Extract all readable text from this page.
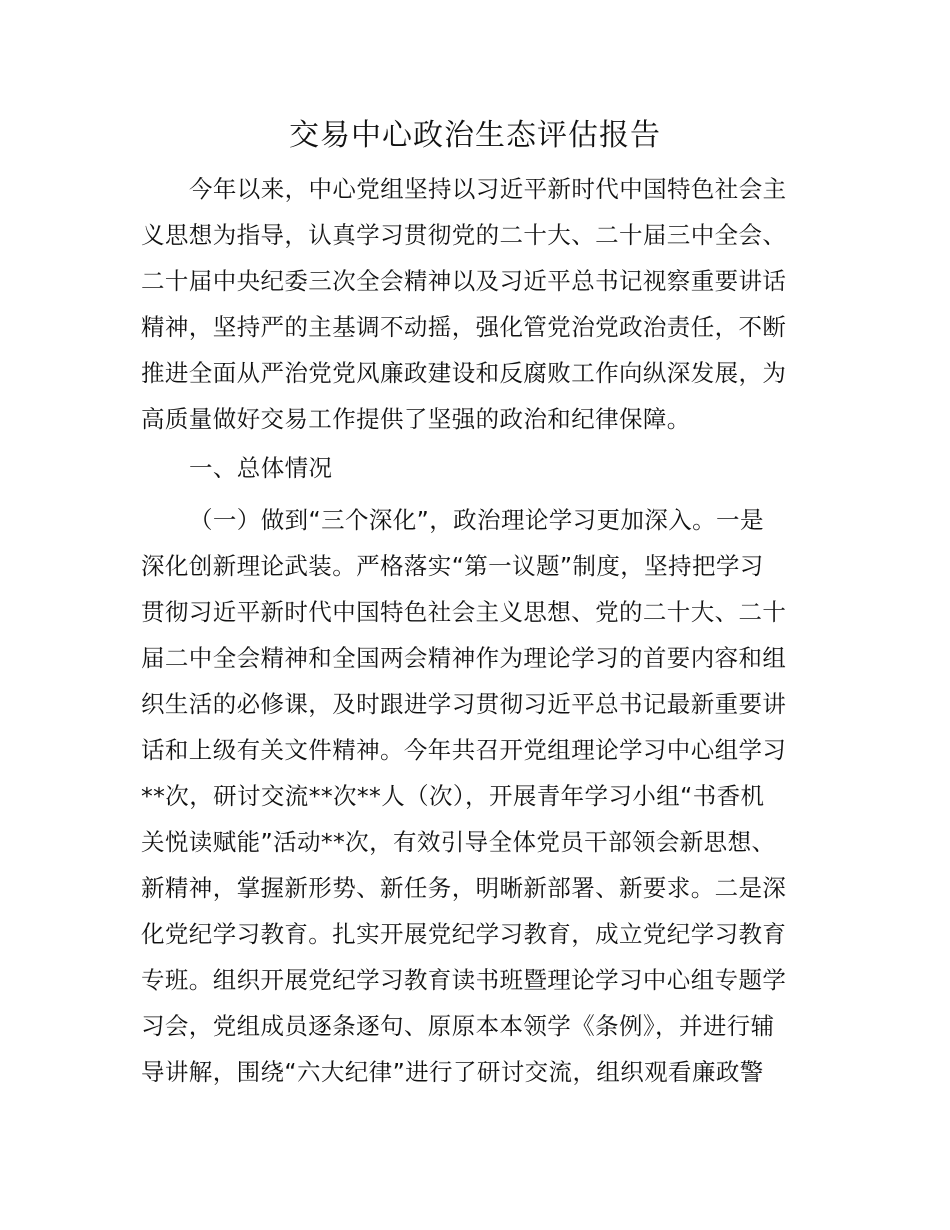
交易中心政治生态评估报告
今年以来，中心党组坚持以习近平新时代中国特色社会主
义思想为指导，认真学习贯彻党的二十大、二十届三中全会、
二十届中央纪委三次全会精神以及习近平总书记视察重要讲话
精神，坚持严的主基调不动摇，强化管党治党政治责任，不断
推进全面从严治党党风廉政建设和反腐败工作向纵深发展，为
高质量做好交易工作提供了坚强的政治和纪律保障。
一、总体情况
（一）做到“三个深化”，政治理论学习更加深入。一是
深化创新理论武装。严格落实“第一议题”制度，坚持把学习
贯彻习近平新时代中国特色社会主义思想、党的二十大、二十
届二中全会精神和全国两会精神作为理论学习的首要内容和组
织生活的必修课，及时跟进学习贯彻习近平总书记最新重要讲
话和上级有关文件精神。今年共召开党组理论学习中心组学习
**次，研讨交流**次**人（次），开展青年学习小组“书香机
关悦读赋能”活动**次，有效引导全体党员干部领会新思想、
新精神，掌握新形势、新任务，明晰新部署、新要求。二是深
化党纪学习教育。扎实开展党纪学习教育，成立党纪学习教育
专班。组织开展党纪学习教育读书班暨理论学习中心组专题学
习会，党组成员逐条逐句、原原本本领学《条例》，并进行辅
导讲解，围绕“六大纪律”进行了研讨交流，组织观看廉政警
